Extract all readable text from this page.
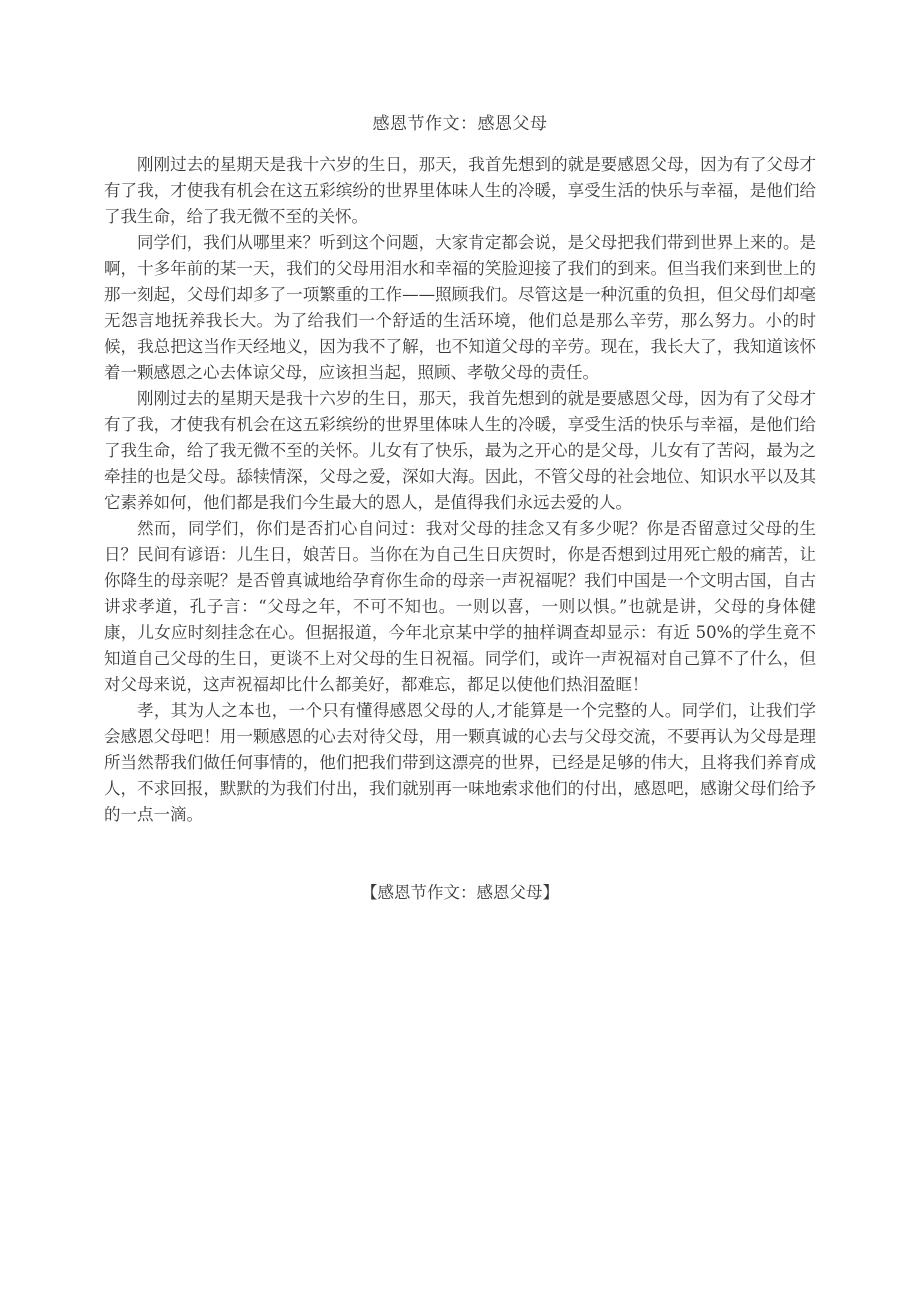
感恩节作文：感恩父母

刚刚过去的星期天是我十六岁的生日，那天，我首先想到的就是要感恩父母，因为有了父母才有了我，才使我有机会在这五彩缤纷的世界里体味人生的冷暖，享受生活的快乐与幸福，是他们给了我生命，给了我无微不至的关怀。

同学们，我们从哪里来？听到这个问题，大家肯定都会说，是父母把我们带到世界上来的。是啊，十多年前的某一天，我们的父母用泪水和幸福的笑脸迎接了我们的到来。但当我们来到世上的那一刻起，父母们却多了一项繁重的工作——照顾我们。尽管这是一种沉重的负担，但父母们却毫无怨言地抚养我长大。为了给我们一个舒适的生活环境，他们总是那么辛劳，那么努力。小的时候，我总把这当作天经地义，因为我不了解，也不知道父母的辛劳。现在，我长大了，我知道该怀着一颗感恩之心去体谅父母，应该担当起，照顾、孝敬父母的责任。

刚刚过去的星期天是我十六岁的生日，那天，我首先想到的就是要感恩父母，因为有了父母才有了我，才使我有机会在这五彩缤纷的世界里体味人生的冷暖，享受生活的快乐与幸福，是他们给了我生命，给了我无微不至的关怀。儿女有了快乐，最为之开心的是父母，儿女有了苦闷，最为之牵挂的也是父母。舔犊情深，父母之爱，深如大海。因此，不管父母的社会地位、知识水平以及其它素养如何，他们都是我们今生最大的恩人，是值得我们永远去爱的人。

然而，同学们，你们是否扪心自问过：我对父母的挂念又有多少呢？你是否留意过父母的生日？民间有谚语：儿生日，娘苦日。当你在为自己生日庆贺时，你是否想到过用死亡般的痛苦，让你降生的母亲呢？是否曾真诚地给孕育你生命的母亲一声祝福呢？我们中国是一个文明古国，自古讲求孝道，孔子言：“父母之年，不可不知也。一则以喜，一则以惧。”也就是讲，父母的身体健康，儿女应时刻挂念在心。但据报道，今年北京某中学的抽样调查却显示：有近 50%的学生竟不知道自己父母的生日，更谈不上对父母的生日祝福。同学们，或许一声祝福对自己算不了什么，但对父母来说，这声祝福却比什么都美好，都难忘，都足以使他们热泪盈眶！

孝，其为人之本也，一个只有懂得感恩父母的人,才能算是一个完整的人。同学们，让我们学会感恩父母吧！用一颗感恩的心去对待父母，用一颗真诚的心去与父母交流，不要再认为父母是理所当然帮我们做任何事情的，他们把我们带到这漂亮的世界，已经是足够的伟大，且将我们养育成人，不求回报，默默的为我们付出，我们就别再一味地索求他们的付出，感恩吧，感谢父母们给予的一点一滴。

【感恩节作文：感恩父母】
